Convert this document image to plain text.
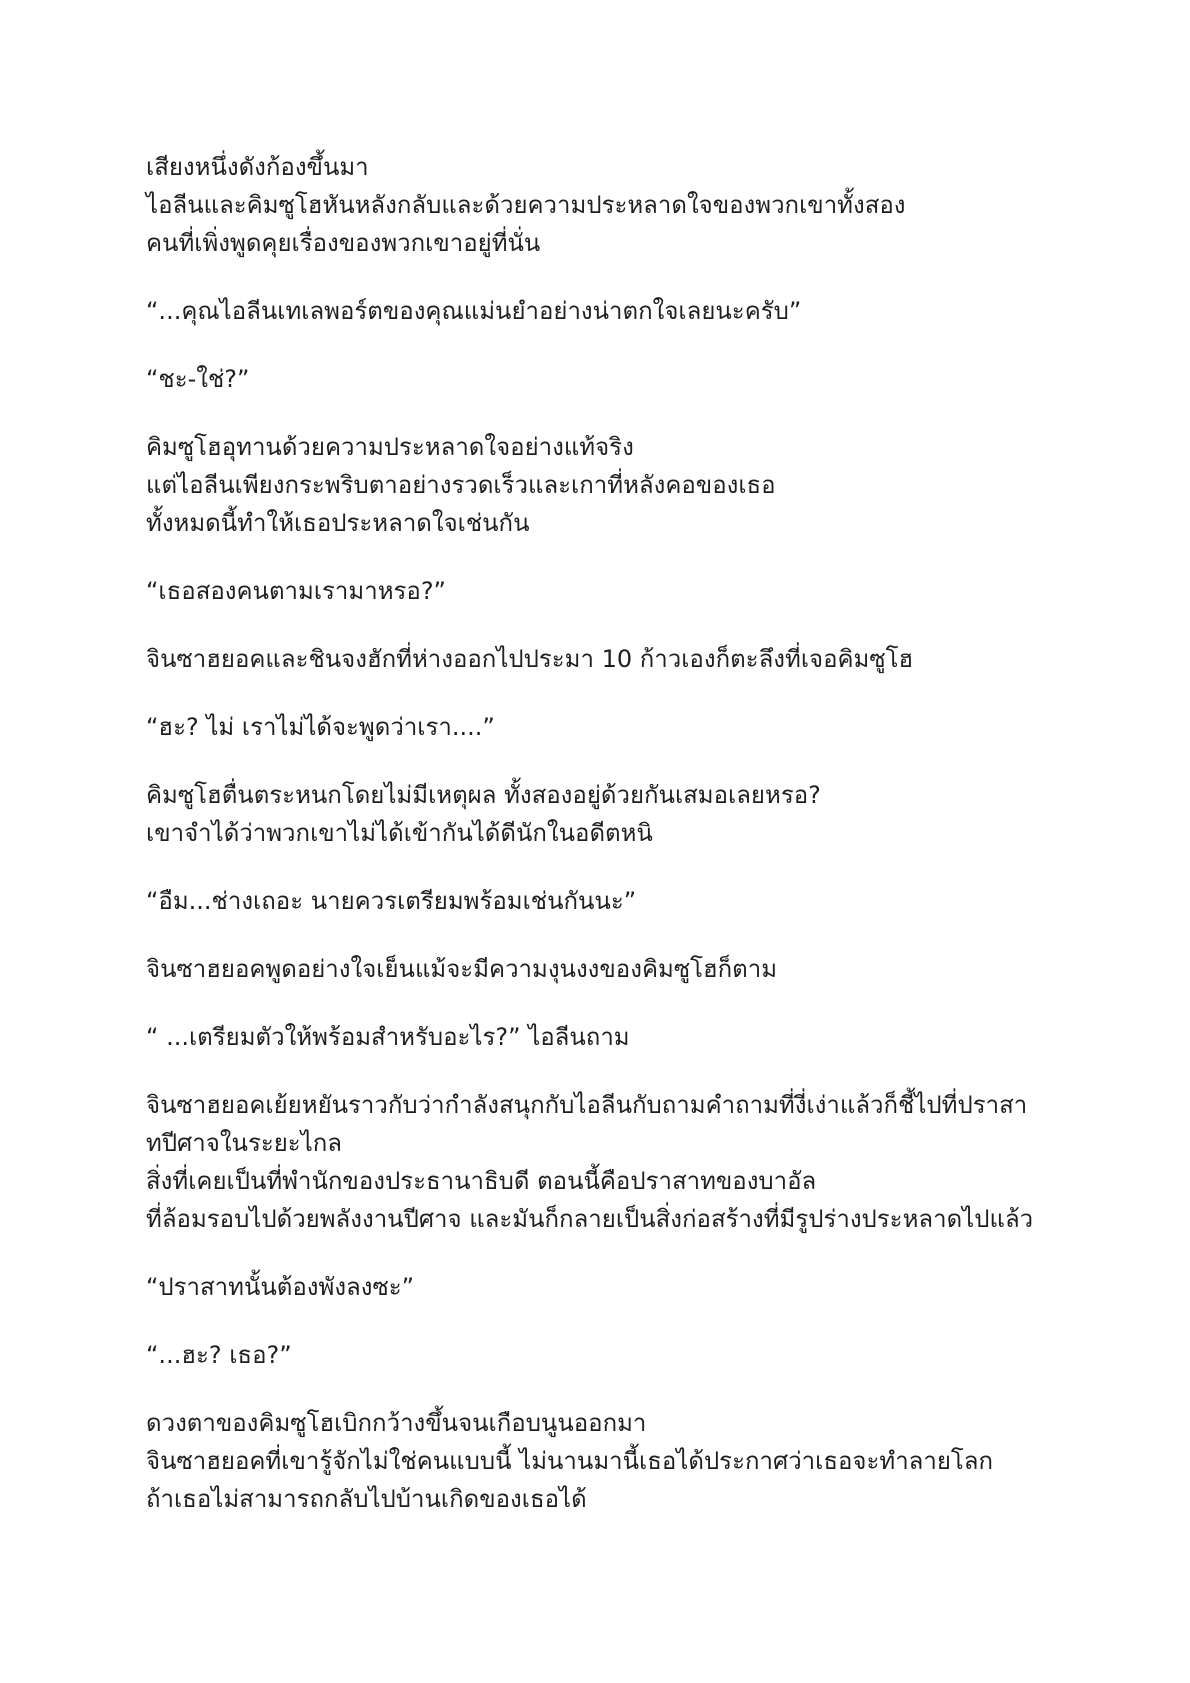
เสียงหนึ่งดังก้องขึ้นมา
ไอลีนและคิมซูโฮหันหลังกลับและด้วยความประหลาดใจของพวกเขาทั้งสอง
คนที่เพิ่งพูดคุยเรื่องของพวกเขาอยู่ที่นั่น

“...คุณไอลีนเทเลพอร์ตของคุณแม่นยำอย่างน่าตกใจเลยนะครับ”

“ชะ-ใช่?”

คิมซูโฮอุทานด้วยความประหลาดใจอย่างแท้จริง
แต่ไอลีนเพียงกระพริบตาอย่างรวดเร็วและเกาที่หลังคอของเธอ
ทั้งหมดนี้ทำให้เธอประหลาดใจเช่นกัน

“เธอสองคนตามเรามาหรอ?”

จินซาฮยอคและชินจงฮักที่ห่างออกไปประมา 10 ก้าวเองก็ตะลึงที่เจอคิมซูโฮ

“ฮะ? ไม่ เราไม่ได้จะพูดว่าเรา....”

คิมซูโฮตื่นตระหนกโดยไม่มีเหตุผล ทั้งสองอยู่ด้วยกันเสมอเลยหรอ?
เขาจำได้ว่าพวกเขาไม่ได้เข้ากันได้ดีนักในอดีตหนิ

“อืม...ช่างเถอะ นายควรเตรียมพร้อมเช่นกันนะ”

จินซาฮยอคพูดอย่างใจเย็นแม้จะมีความงุนงงของคิมซูโฮก็ตาม

“ ...เตรียมตัวให้พร้อมสำหรับอะไร?” ไอลีนถาม

จินซาฮยอคเย้ยหยันราวกับว่ากำลังสนุกกับไอลีนกับถามคำถามที่งี่เง่าแล้วก็ชี้ไปที่ปราสา
ทปีศาจในระยะไกล
สิ่งที่เคยเป็นที่พำนักของประธานาธิบดี ตอนนี้คือปราสาทของบาอัล
ที่ล้อมรอบไปด้วยพลังงานปีศาจ และมันก็กลายเป็นสิ่งก่อสร้างที่มีรูปร่างประหลาดไปแล้ว

“ปราสาทนั้นต้องพังลงซะ”

“...ฮะ? เธอ?”

ดวงตาของคิมซูโฮเบิกกว้างขึ้นจนเกือบนูนออกมา
จินซาฮยอคที่เขารู้จักไม่ใช่คนแบบนี้ ไม่นานมานี้เธอได้ประกาศว่าเธอจะทำลายโลก
ถ้าเธอไม่สามารถกลับไปบ้านเกิดของเธอได้
